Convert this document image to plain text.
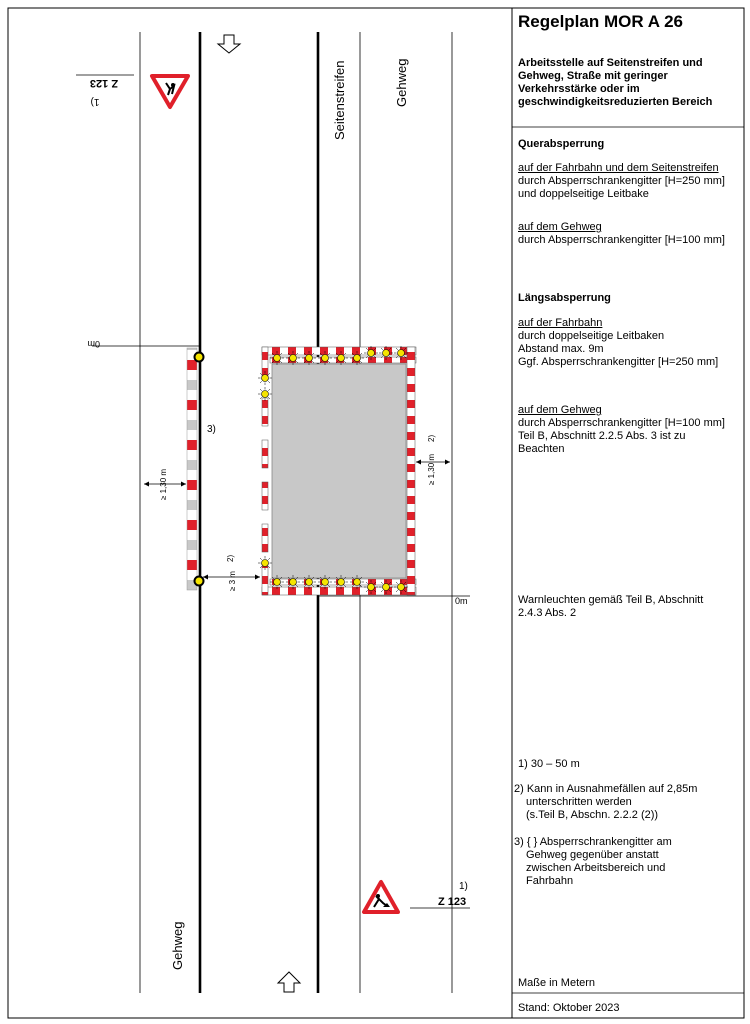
Z 123
1)	Seitenstreifen	Gehweg
Gehweg
0m
0m
3)
≥ 1,30 m
≥ 3 m
2)
≥ 1,30 m
2)
Z 123
1)
Regelplan MOR A 26
Arbeitsstelle auf Seitenstreifen und Gehweg, Straße mit geringer Verkehrsstärke oder im geschwindigkeitsreduzierten Bereich
Querabsperrung
auf der Fahrbahn und dem Seitenstreifen
durch Absperrschrankengitter [H=250 mm]
und doppelseitige Leitbake
auf dem Gehweg
durch Absperrschrankengitter [H=100 mm]
Längsabsperrung
auf der Fahrbahn
durch doppelseitige Leitbaken
Abstand max. 9m
Ggf. Absperrschrankengitter [H=250 mm]
auf dem Gehweg
durch Absperrschrankengitter [H=100 mm]
Teil B, Abschnitt 2.2.5 Abs. 3 ist zu
Beachten
Warnleuchten gemäß Teil B, Abschnitt
2.4.3 Abs. 2
1) 30 – 50 m
2) Kann in Ausnahmefällen auf 2,85m
unterschritten werden
(s.Teil B, Abschn. 2.2.2 (2))
3) { } Absperrschrankengitter am
Gehweg gegenüber anstatt
zwischen Arbeitsbereich und
Fahrbahn
Maße in Metern
Stand: Oktober 2023
